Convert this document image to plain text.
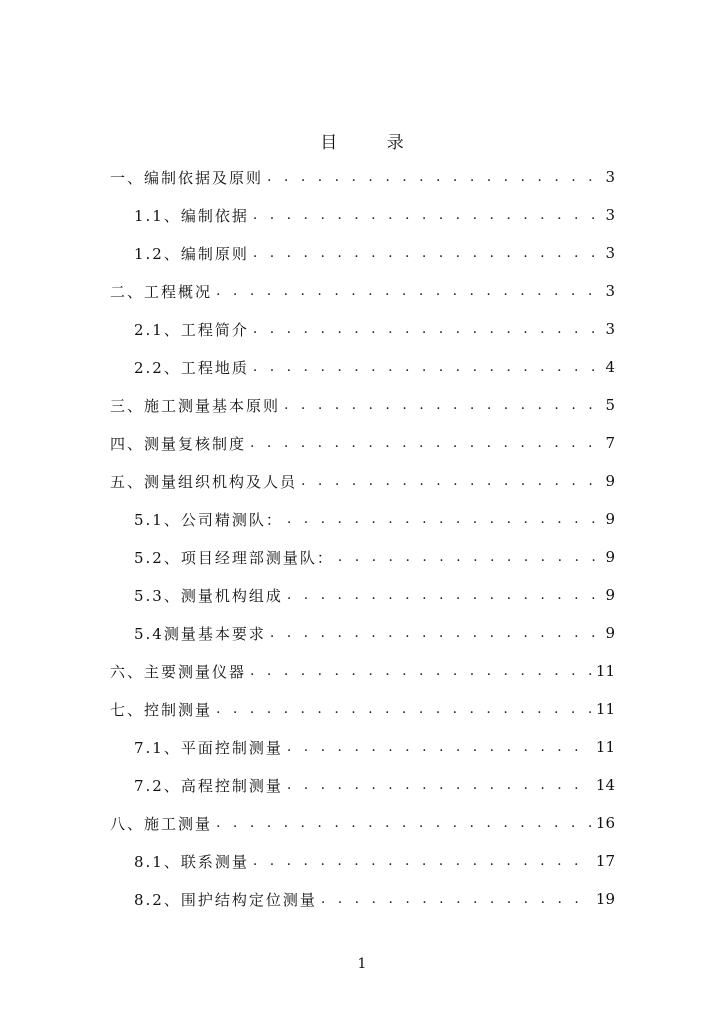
目 录
一、编制依据及原则 . . .	3
1.1、编制依据 . . .	3
1.2、编制原则 . . .	3
二、工程概况 . . .	3
2.1、工程简介 . . .	3
2.2、工程地质 . . .	4
三、施工测量基本原则 . . .	5
四、测量复核制度 . . .	7
五、测量组织机构及人员 . . .	9
5.1、公司精测队： . . .	9
5.2、项目经理部测量队： . . .	9
5.3、测量机构组成 . . .	9
5.4测量基本要求 . . .	9
六、主要测量仪器 . . .	11
七、控制测量 . . .	11
7.1、平面控制测量 . . .	11
7.2、高程控制测量 . . .	14
八、施工测量 . . .	16
8.1、联系测量 . . .	17
8.2、围护结构定位测量 . . .	19
1
